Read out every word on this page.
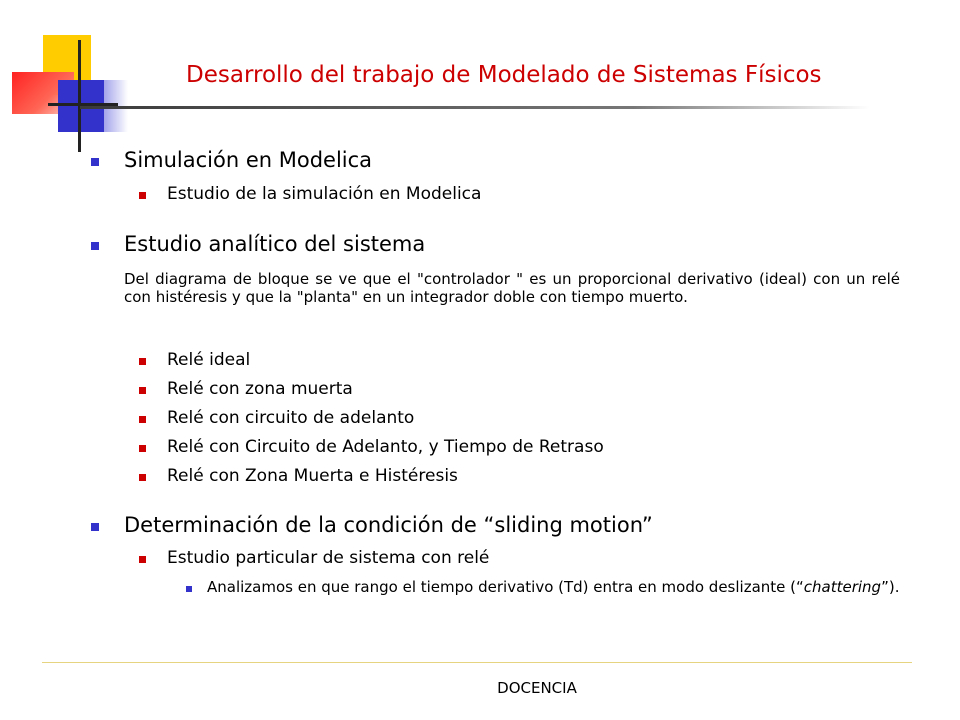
Desarrollo del trabajo de Modelado de Sistemas Físicos
Simulación en Modelica
Estudio de la simulación en Modelica
Estudio analítico del sistema
Del diagrama de bloque se ve que el "controlador " es un proporcional derivativo (ideal) con un relé con histéresis y que la "planta" en un integrador doble con tiempo muerto.
Relé ideal
Relé con zona muerta
Relé con circuito de adelanto
Relé con Circuito de Adelanto, y Tiempo de Retraso
Relé con Zona Muerta e Histéresis
Determinación de la condición de “sliding motion”
Estudio particular de sistema con relé
Analizamos en que rango el tiempo derivativo (Td) entra en modo deslizante (“chattering”).
DOCENCIA
